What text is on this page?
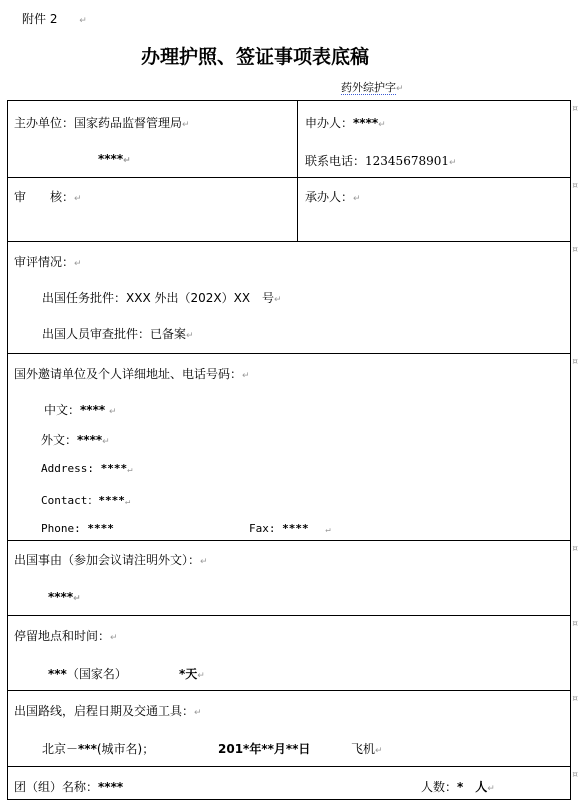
附件 2 ↵
办理护照、签证事项表底稿
药外综护字↵
¤
¤
¤
¤
¤
¤
¤
¤
主办单位：国家药品监督管理局↵
****↵
申办人：****↵
联系电话：12345678901↵
审　　核：↵	承办人：↵
审评情况：↵
出国任务批件：XXX 外出（202X）XX　号↵
出国人员审查批件：已备案↵
国外邀请单位及个人详细地址、电话号码：↵
中文：**** ↵
外文：****↵
Address: ****↵
Contact：****↵
Phone: ****	Fax: **** ↵
出国事由（参加会议请注明外文）：↵
****↵
停留地点和时间：↵
***（国家名）	*天↵
出国路线，启程日期及交通工具：↵
北京－***(城市名)；	201*年**月**日	飞机↵
团（组）名称：****	人数：*　人↵
